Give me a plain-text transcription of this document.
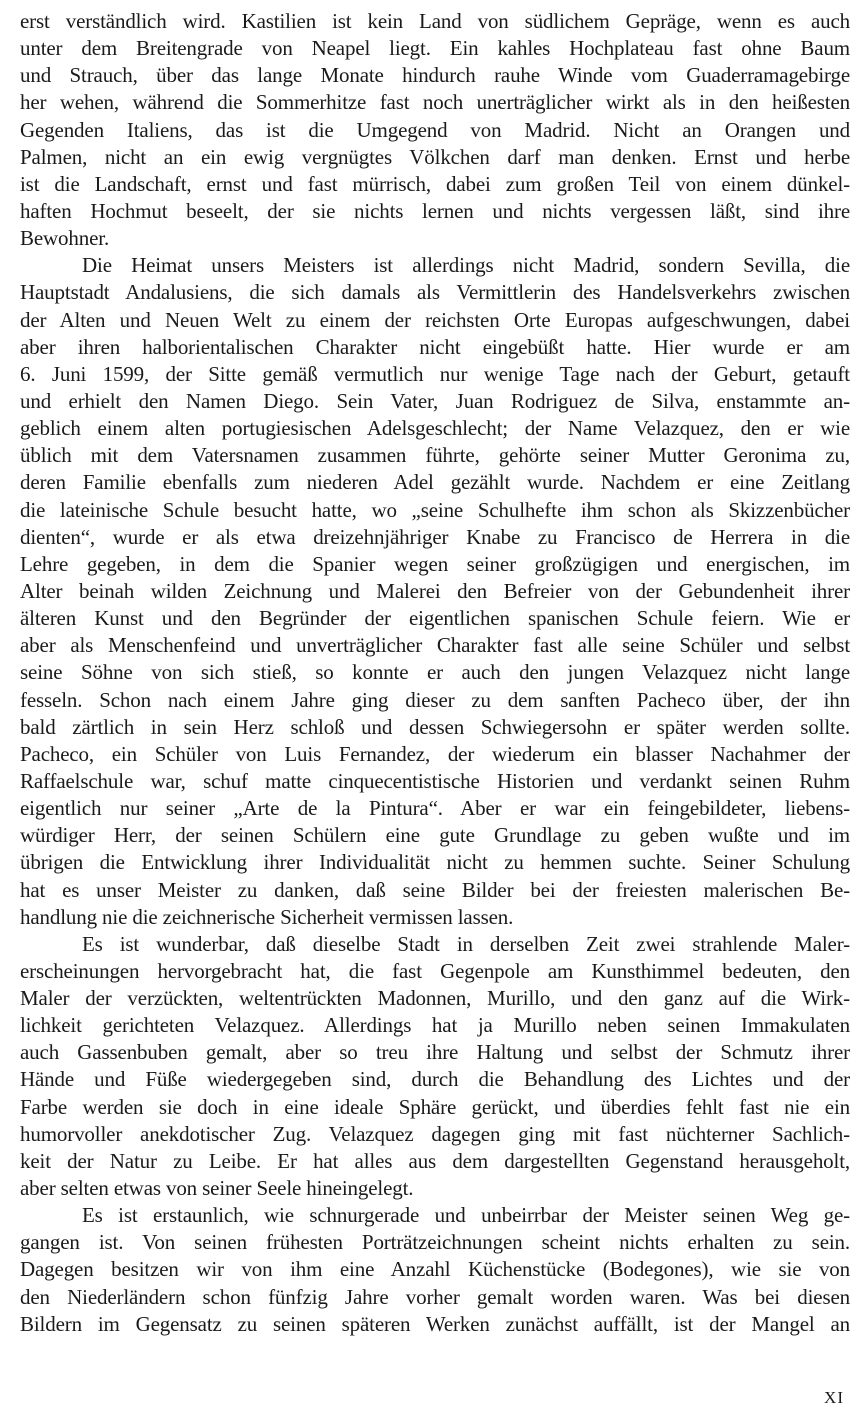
erst verständlich wird. Kastilien ist kein Land von südlichem Gepräge, wenn es auch
unter dem Breitengrade von Neapel liegt. Ein kahles Hochplateau fast ohne Baum
und Strauch, über das lange Monate hindurch rauhe Winde vom Guaderramagebirge
her wehen, während die Sommerhitze fast noch unerträglicher wirkt als in den heißesten
Gegenden Italiens, das ist die Umgegend von Madrid. Nicht an Orangen und
Palmen, nicht an ein ewig vergnügtes Völkchen darf man denken. Ernst und herbe
ist die Landschaft, ernst und fast mürrisch, dabei zum großen Teil von einem dünkel-
haften Hochmut beseelt, der sie nichts lernen und nichts vergessen läßt, sind ihre
Bewohner.
Die Heimat unsers Meisters ist allerdings nicht Madrid, sondern Sevilla, die
Hauptstadt Andalusiens, die sich damals als Vermittlerin des Handelsverkehrs zwischen
der Alten und Neuen Welt zu einem der reichsten Orte Europas aufgeschwungen, dabei
aber ihren halborientalischen Charakter nicht eingebüßt hatte. Hier wurde er am
6. Juni 1599, der Sitte gemäß vermutlich nur wenige Tage nach der Geburt, getauft
und erhielt den Namen Diego. Sein Vater, Juan Rodriguez de Silva, enstammte an-
geblich einem alten portugiesischen Adelsgeschlecht; der Name Velazquez, den er wie
üblich mit dem Vatersnamen zusammen führte, gehörte seiner Mutter Geronima zu,
deren Familie ebenfalls zum niederen Adel gezählt wurde. Nachdem er eine Zeitlang
die lateinische Schule besucht hatte, wo „seine Schulhefte ihm schon als Skizzenbücher
dienten“, wurde er als etwa dreizehnjähriger Knabe zu Francisco de Herrera in die
Lehre gegeben, in dem die Spanier wegen seiner großzügigen und energischen, im
Alter beinah wilden Zeichnung und Malerei den Befreier von der Gebundenheit ihrer
älteren Kunst und den Begründer der eigentlichen spanischen Schule feiern. Wie er
aber als Menschenfeind und unverträglicher Charakter fast alle seine Schüler und selbst
seine Söhne von sich stieß, so konnte er auch den jungen Velazquez nicht lange
fesseln. Schon nach einem Jahre ging dieser zu dem sanften Pacheco über, der ihn
bald zärtlich in sein Herz schloß und dessen Schwiegersohn er später werden sollte.
Pacheco, ein Schüler von Luis Fernandez, der wiederum ein blasser Nachahmer der
Raffaelschule war, schuf matte cinquecentistische Historien und verdankt seinen Ruhm
eigentlich nur seiner „Arte de la Pintura“. Aber er war ein feingebildeter, liebens-
würdiger Herr, der seinen Schülern eine gute Grundlage zu geben wußte und im
übrigen die Entwicklung ihrer Individualität nicht zu hemmen suchte. Seiner Schulung
hat es unser Meister zu danken, daß seine Bilder bei der freiesten malerischen Be-
handlung nie die zeichnerische Sicherheit vermissen lassen.
Es ist wunderbar, daß dieselbe Stadt in derselben Zeit zwei strahlende Maler-
erscheinungen hervorgebracht hat, die fast Gegenpole am Kunsthimmel bedeuten, den
Maler der verzückten, weltentrückten Madonnen, Murillo, und den ganz auf die Wirk-
lichkeit gerichteten Velazquez. Allerdings hat ja Murillo neben seinen Immakulaten
auch Gassenbuben gemalt, aber so treu ihre Haltung und selbst der Schmutz ihrer
Hände und Füße wiedergegeben sind, durch die Behandlung des Lichtes und der
Farbe werden sie doch in eine ideale Sphäre gerückt, und überdies fehlt fast nie ein
humorvoller anekdotischer Zug. Velazquez dagegen ging mit fast nüchterner Sachlich-
keit der Natur zu Leibe. Er hat alles aus dem dargestellten Gegenstand herausgeholt,
aber selten etwas von seiner Seele hineingelegt.
Es ist erstaunlich, wie schnurgerade und unbeirrbar der Meister seinen Weg ge-
gangen ist. Von seinen frühesten Porträtzeichnungen scheint nichts erhalten zu sein.
Dagegen besitzen wir von ihm eine Anzahl Küchenstücke (Bodegones), wie sie von
den Niederländern schon fünfzig Jahre vorher gemalt worden waren. Was bei diesen
Bildern im Gegensatz zu seinen späteren Werken zunächst auffällt, ist der Mangel an
XI
